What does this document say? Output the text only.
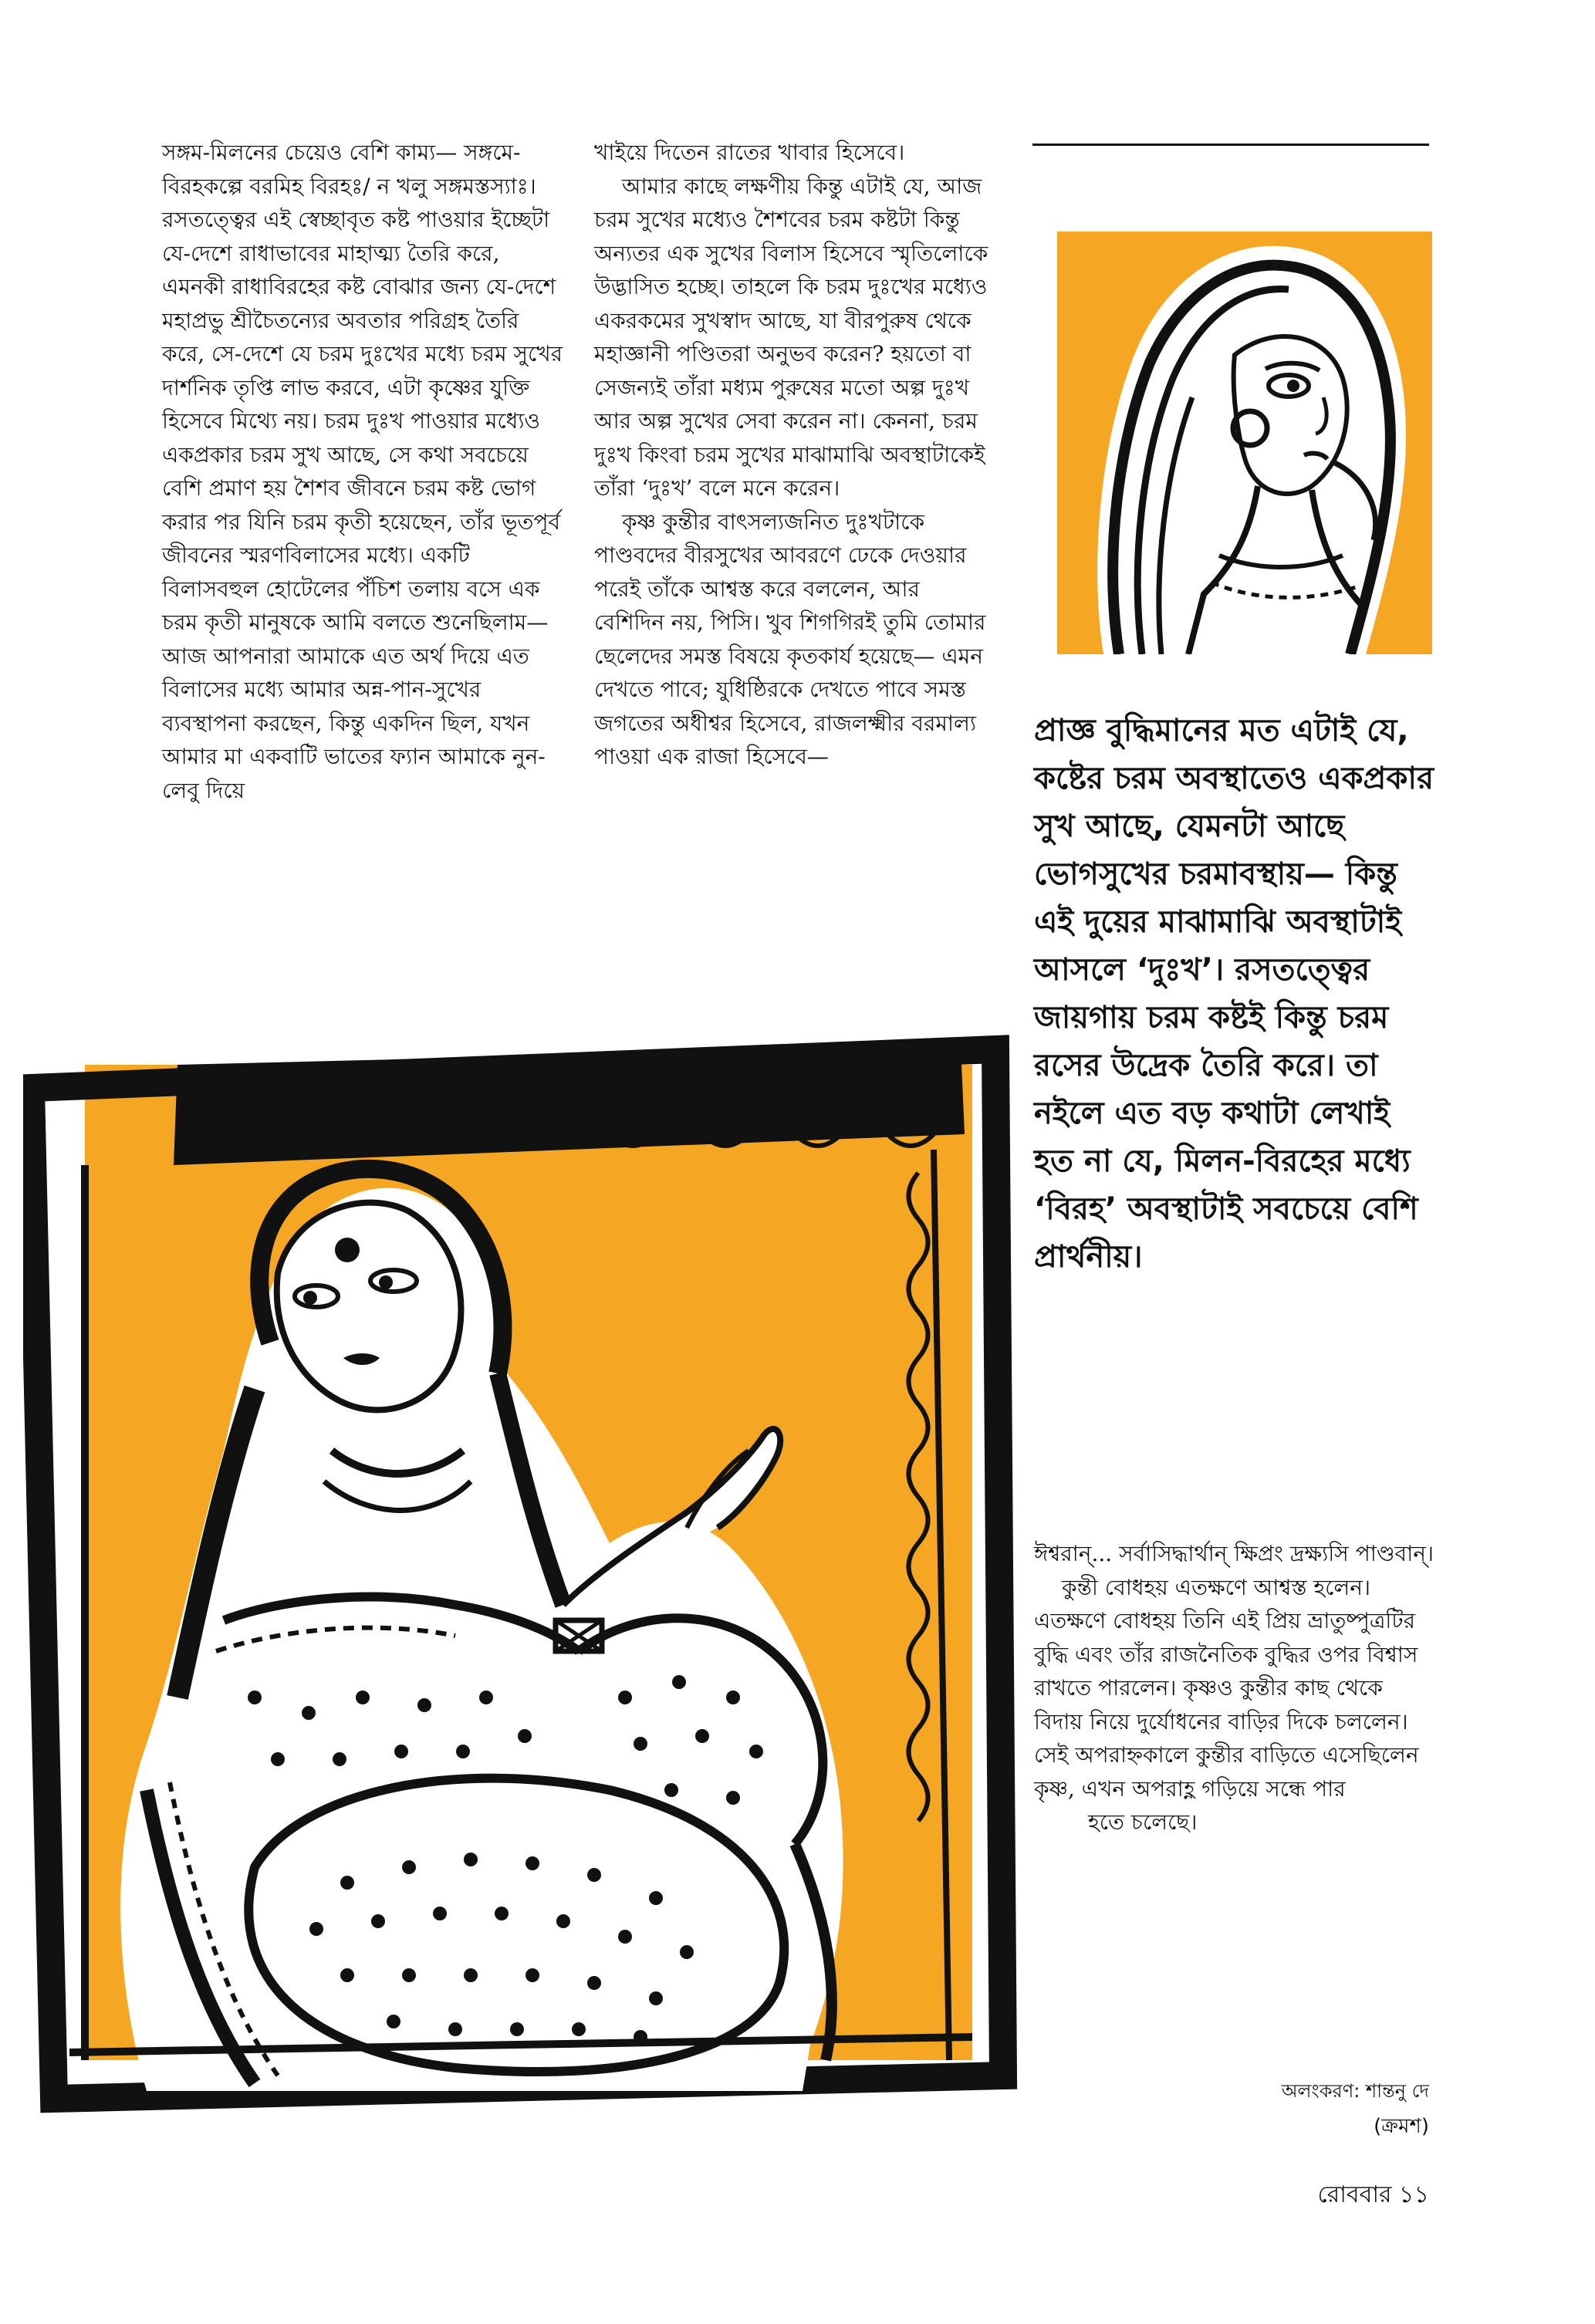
সঙ্গম-মিলনের চেয়েও বেশি কাম্য— সঙ্গমে-বিরহকল্পে বরমিহ বিরহঃ/ ন খলু সঙ্গমস্তস্যাঃ। রসতত্ত্বের এই স্বেচ্ছাবৃত কষ্ট পাওয়ার ইচ্ছেটা যে-দেশে রাধাভাবের মাহাত্ম্য তৈরি করে, এমনকী রাধাবিরহের কষ্ট বোঝার জন্য যে-দেশে মহাপ্রভু শ্রীচৈতন্যের অবতার পরিগ্রহ তৈরি করে, সে-দেশে যে চরম দুঃখের মধ্যে চরম সুখের দার্শনিক তৃপ্তি লাভ করবে, এটা কৃষ্ণের যুক্তি হিসেবে মিথ্যে নয়। চরম দুঃখ পাওয়ার মধ্যেও একপ্রকার চরম সুখ আছে, সে কথা সবচেয়ে বেশি প্রমাণ হয় শৈশব জীবনে চরম কষ্ট ভোগ করার পর যিনি চরম কৃতী হয়েছেন, তাঁর ভূতপূর্ব জীবনের স্মরণবিলাসের মধ্যে। একটি বিলাসবহুল হোটেলের পঁচিশ তলায় বসে এক চরম কৃতী মানুষকে আমি বলতে শুনেছিলাম— আজ আপনারা আমাকে এত অর্থ দিয়ে এত বিলাসের মধ্যে আমার অন্ন-পান-সুখের ব্যবস্থাপনা করছেন, কিন্তু একদিন ছিল, যখন আমার মা একবাটি ভাতের ফ্যান আমাকে নুন-লেবু দিয়ে

খাইয়ে দিতেন রাতের খাবার হিসেবে।

আমার কাছে লক্ষণীয় কিন্তু এটাই যে, আজ চরম সুখের মধ্যেও শৈশবের চরম কষ্টটা কিন্তু অন্যতর এক সুখের বিলাস হিসেবে স্মৃতিলোকে উদ্ভাসিত হচ্ছে। তাহলে কি চরম দুঃখের মধ্যেও একরকমের সুখস্বাদ আছে, যা বীরপুরুষ থেকে মহাজ্ঞানী পণ্ডিতরা অনুভব করেন? হয়তো বা সেজন্যই তাঁরা মধ্যম পুরুষের মতো অল্প দুঃখ আর অল্প সুখের সেবা করেন না। কেননা, চরম দুঃখ কিংবা চরম সুখের মাঝামাঝি অবস্থাটাকেই তাঁরা ‘দুঃখ’ বলে মনে করেন।

কৃষ্ণ কুন্তীর বাৎসল্যজনিত দুঃখটাকে পাণ্ডবদের বীরসুখের আবরণে ঢেকে দেওয়ার পরেই তাঁকে আশ্বস্ত করে বললেন, আর বেশিদিন নয়, পিসি। খুব শিগগিরই তুমি তোমার ছেলেদের সমস্ত বিষয়ে কৃতকার্য হয়েছে— এমন দেখতে পাবে; যুধিষ্ঠিরকে দেখতে পাবে সমস্ত জগতের অধীশ্বর হিসেবে, রাজলক্ষ্মীর বরমাল্য পাওয়া এক রাজা হিসেবে—

প্রাজ্ঞ বুদ্ধিমানের মত এটাই যে, কষ্টের চরম অবস্থাতেও একপ্রকার সুখ আছে, যেমনটা আছে ভোগসুখের চরমাবস্থায়— কিন্তু এই দুয়ের মাঝামাঝি অবস্থাটাই আসলে ‘দুঃখ’। রসতত্ত্বের জায়গায় চরম কষ্টই কিন্তু চরম রসের উদ্রেক তৈরি করে। তা নইলে এত বড় কথাটা লেখাই হত না যে, মিলন-বিরহের মধ্যে ‘বিরহ’ অবস্থাটাই সবচেয়ে বেশি প্রার্থনীয়।

ঈশ্বরান্... সর্বাসিদ্ধার্থান্ ক্ষিপ্রং দ্রক্ষ্যসি পাণ্ডবান্।

কুন্তী বোধহয় এতক্ষণে আশ্বস্ত হলেন। এতক্ষণে বোধহয় তিনি এই প্রিয় ভ্রাতুষ্পুত্রটির বুদ্ধি এবং তাঁর রাজনৈতিক বুদ্ধির ওপর বিশ্বাস রাখতে পারলেন। কৃষ্ণও কুন্তীর কাছ থেকে বিদায় নিয়ে দুর্যোধনের বাড়ির দিকে চললেন। সেই অপরাহ্নকালে কুন্তীর বাড়িতে এসেছিলেন কৃষ্ণ, এখন অপরাহ্ণ গড়িয়ে সন্ধে পার

হতে চলেছে।

অলংকরণ: শান্তনু দে
(ক্রমশ)
রোববার ১১
